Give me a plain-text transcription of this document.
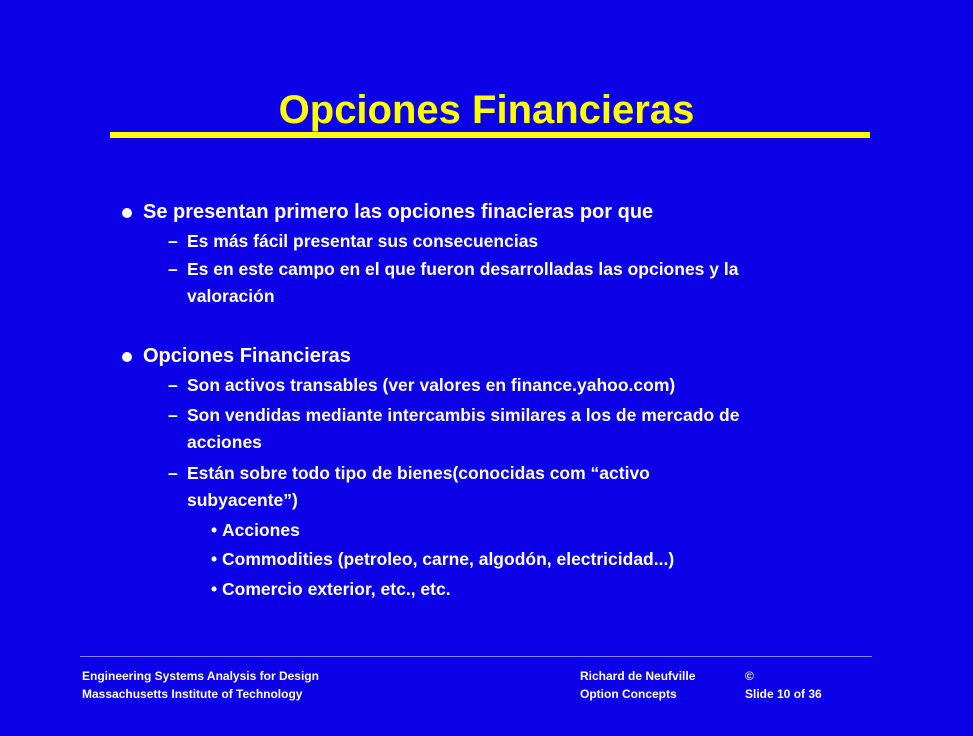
Opciones Financieras
Se presentan primero las opciones finacieras por que
– Es más fácil presentar sus consecuencias
– Es en este campo en el que fueron desarrolladas las opciones y la
valoración
Opciones Financieras
– Son activos transables (ver valores en finance.yahoo.com)
– Son vendidas mediante intercambis similares a los de mercado de
acciones
– Están sobre todo tipo de bienes(conocidas com “activo
subyacente”)
• Acciones
• Commodities (petroleo, carne, algodón, electricidad...)
• Comercio exterior, etc., etc.
Engineering Systems Analysis for Design
Massachusetts Institute of Technology
Richard de Neufville	©
Option Concepts	Slide 10 of 36
